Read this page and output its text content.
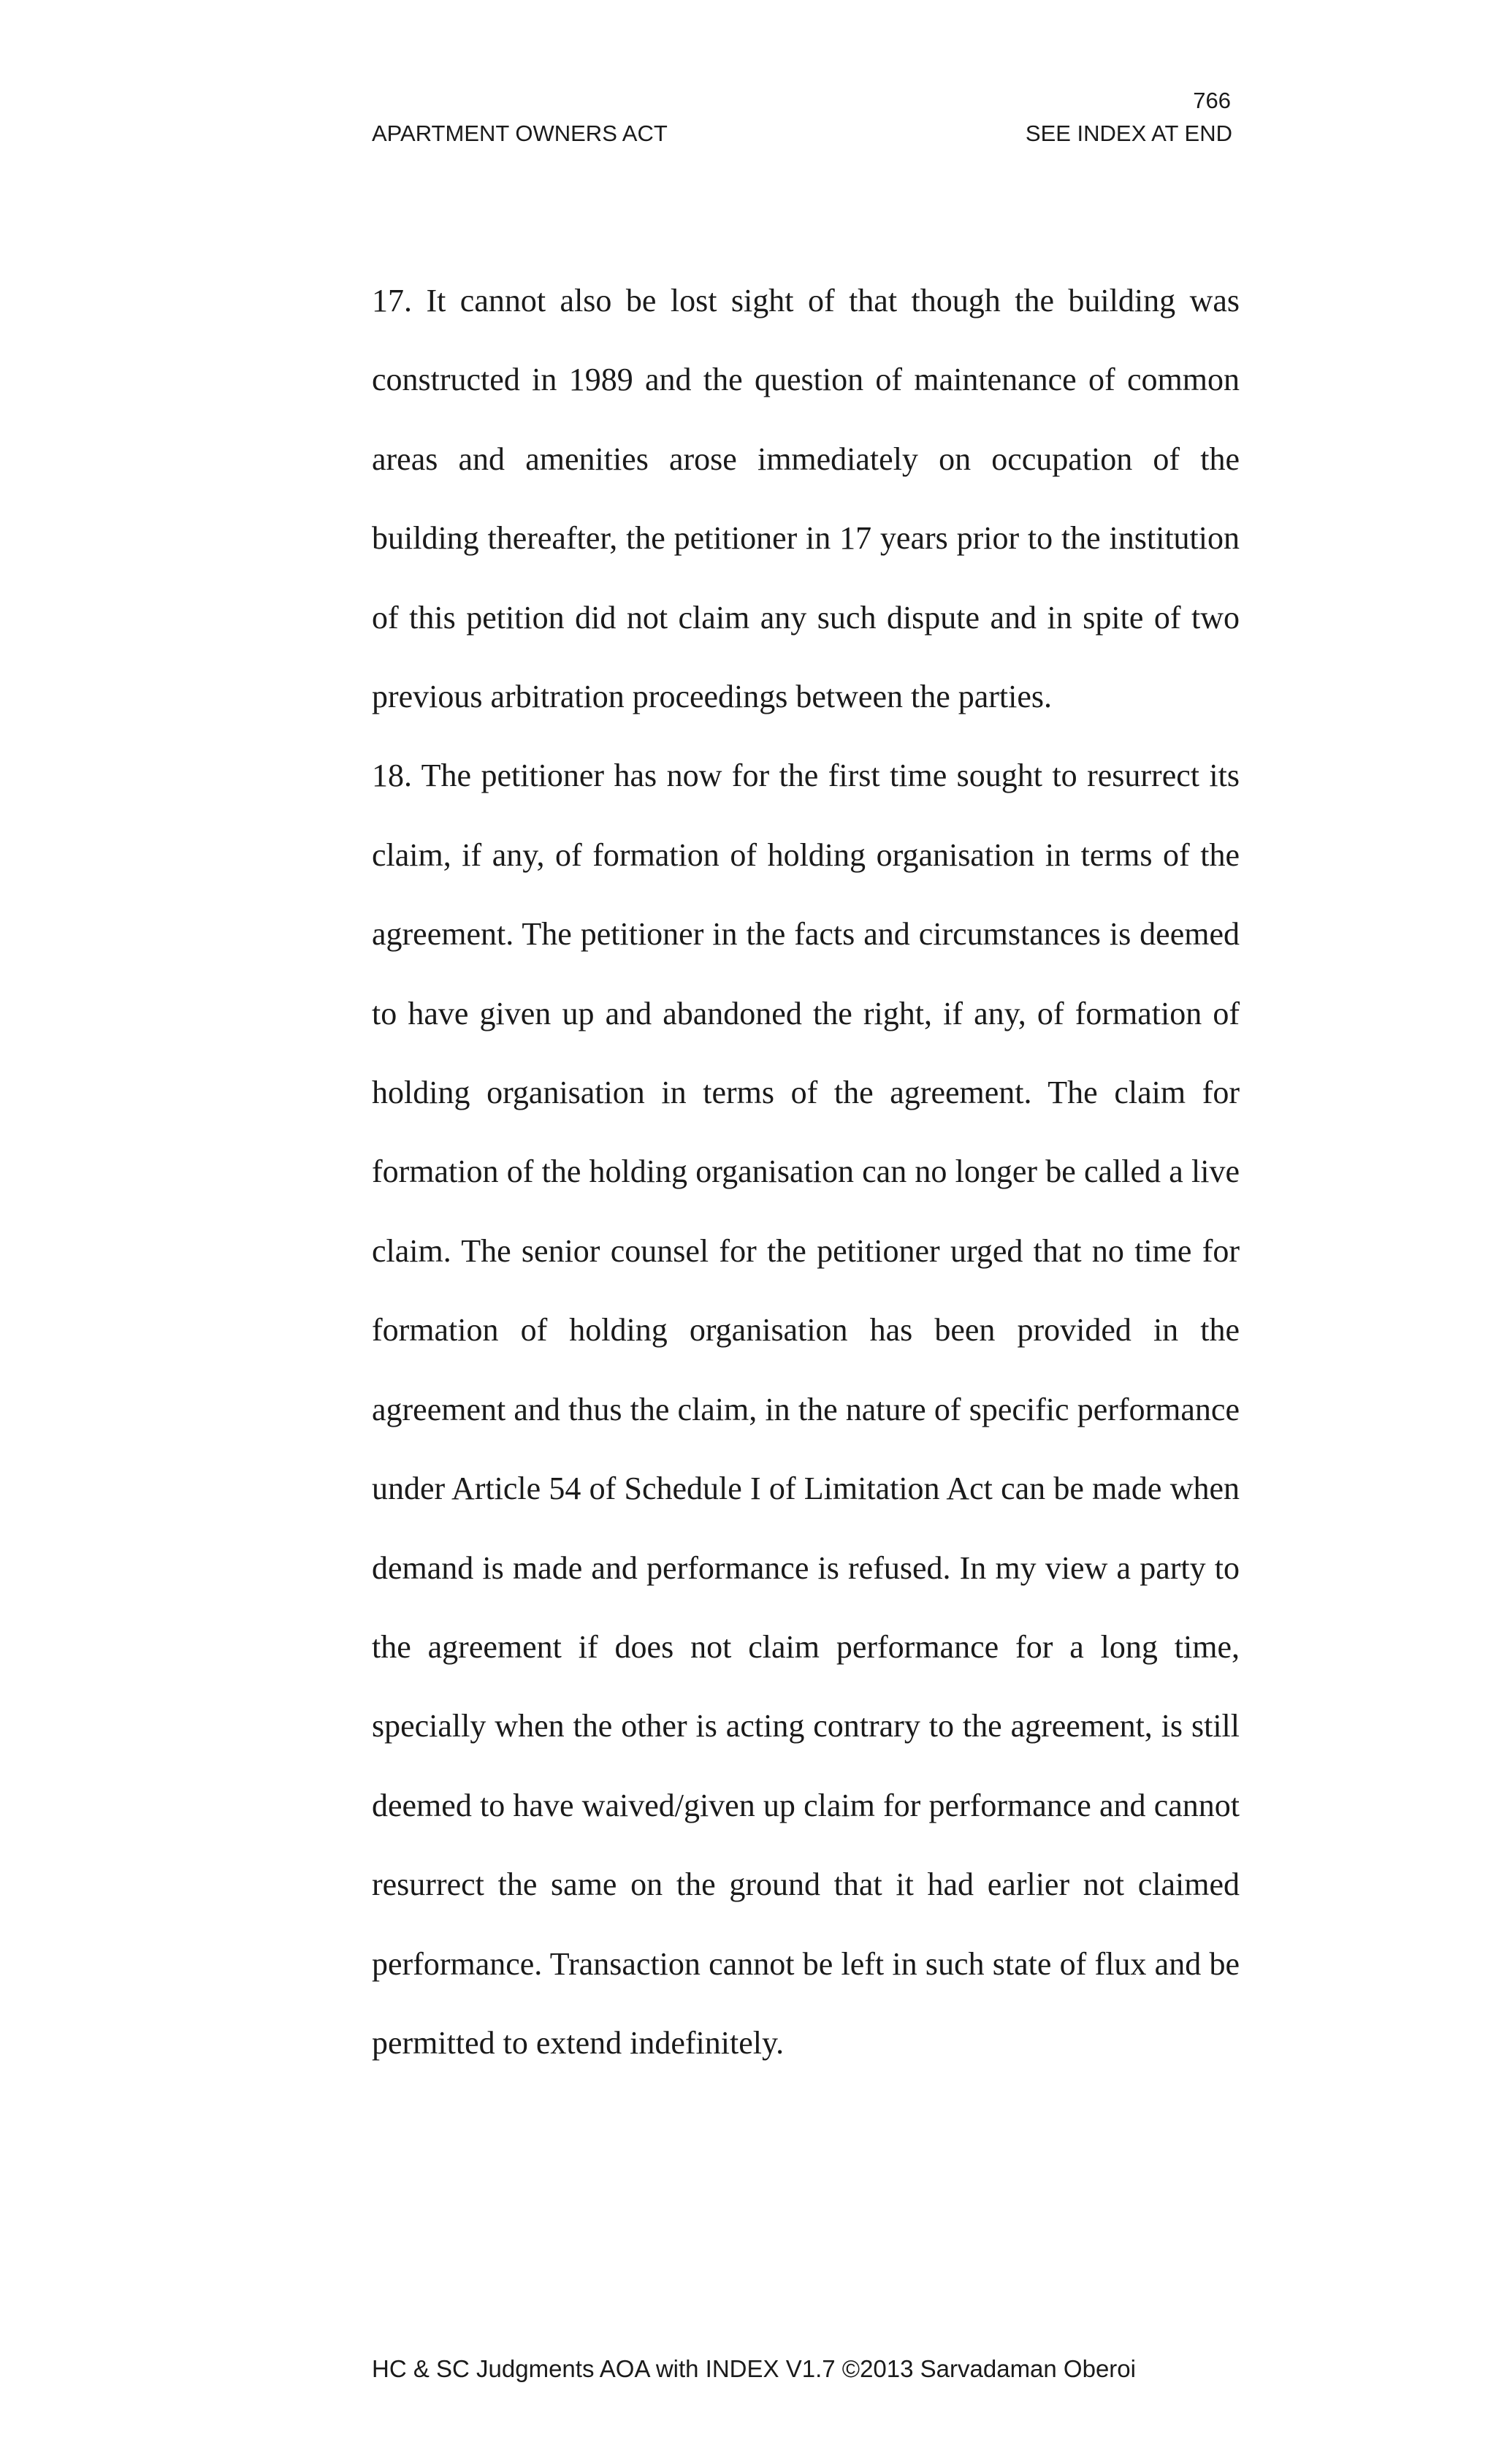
766
APARTMENT OWNERS ACT	SEE INDEX AT END

17. It cannot also be lost sight of that though the building was constructed in 1989 and the question of maintenance of common areas and amenities arose immediately on occupation of the building thereafter, the petitioner in 17 years prior to the institution of this petition did not claim any such dispute and in spite of two previous arbitration proceedings between the parties.

18. The petitioner has now for the first time sought to resurrect its claim, if any, of formation of holding organisation in terms of the agreement. The petitioner in the facts and circumstances is deemed to have given up and abandoned the right, if any, of formation of holding organisation in terms of the agreement. The claim for formation of the holding organisation can no longer be called a live claim. The senior counsel for the petitioner urged that no time for formation of holding organisation has been provided in the agreement and thus the claim, in the nature of specific performance under Article 54 of Schedule I of Limitation Act can be made when demand is made and performance is refused. In my view a party to the agreement if does not claim performance for a long time, specially when the other is acting contrary to the agreement, is still deemed to have waived/given up claim for performance and cannot resurrect the same on the ground that it had earlier not claimed performance. Transaction cannot be left in such state of flux and be permitted to extend indefinitely.

HC & SC Judgments AOA with INDEX V1.7 ©2013 Sarvadaman Oberoi
